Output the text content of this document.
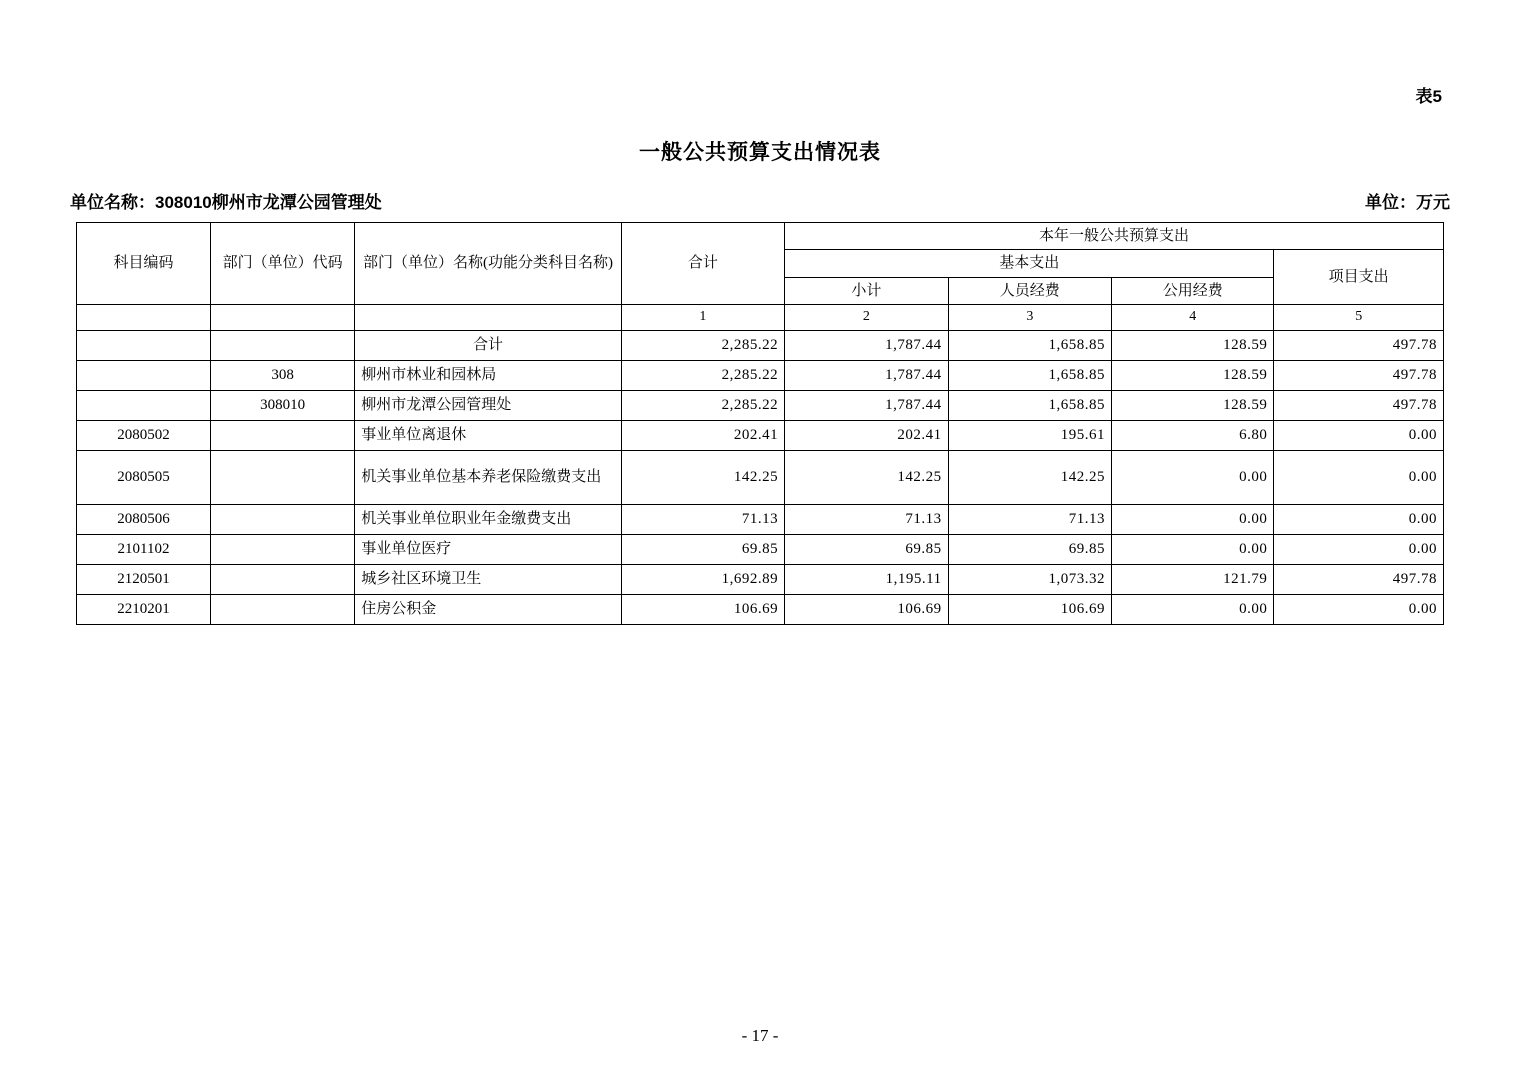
表5
一般公共预算支出情况表
单位名称：308010柳州市龙潭公园管理处	单位：万元
科目编码	部门（单位）代码	部门（单位）名称(功能分类科目名称)	合计	本年一般公共预算支出			
				基本支出			项目支出
				小计	人员经费	公用经费	
			1	2	3	4	5
		合计	2,285.22	1,787.44	1,658.85	128.59	497.78
	308	柳州市林业和园林局	2,285.22	1,787.44	1,658.85	128.59	497.78
	308010	柳州市龙潭公园管理处	2,285.22	1,787.44	1,658.85	128.59	497.78
2080502		事业单位离退休	202.41	202.41	195.61	6.80	0.00
2080505		机关事业单位基本养老保险缴费支出	142.25	142.25	142.25	0.00	0.00
2080506		机关事业单位职业年金缴费支出	71.13	71.13	71.13	0.00	0.00
2101102		事业单位医疗	69.85	69.85	69.85	0.00	0.00
2120501		城乡社区环境卫生	1,692.89	1,195.11	1,073.32	121.79	497.78
2210201		住房公积金	106.69	106.69	106.69	0.00	0.00
- 17 -
